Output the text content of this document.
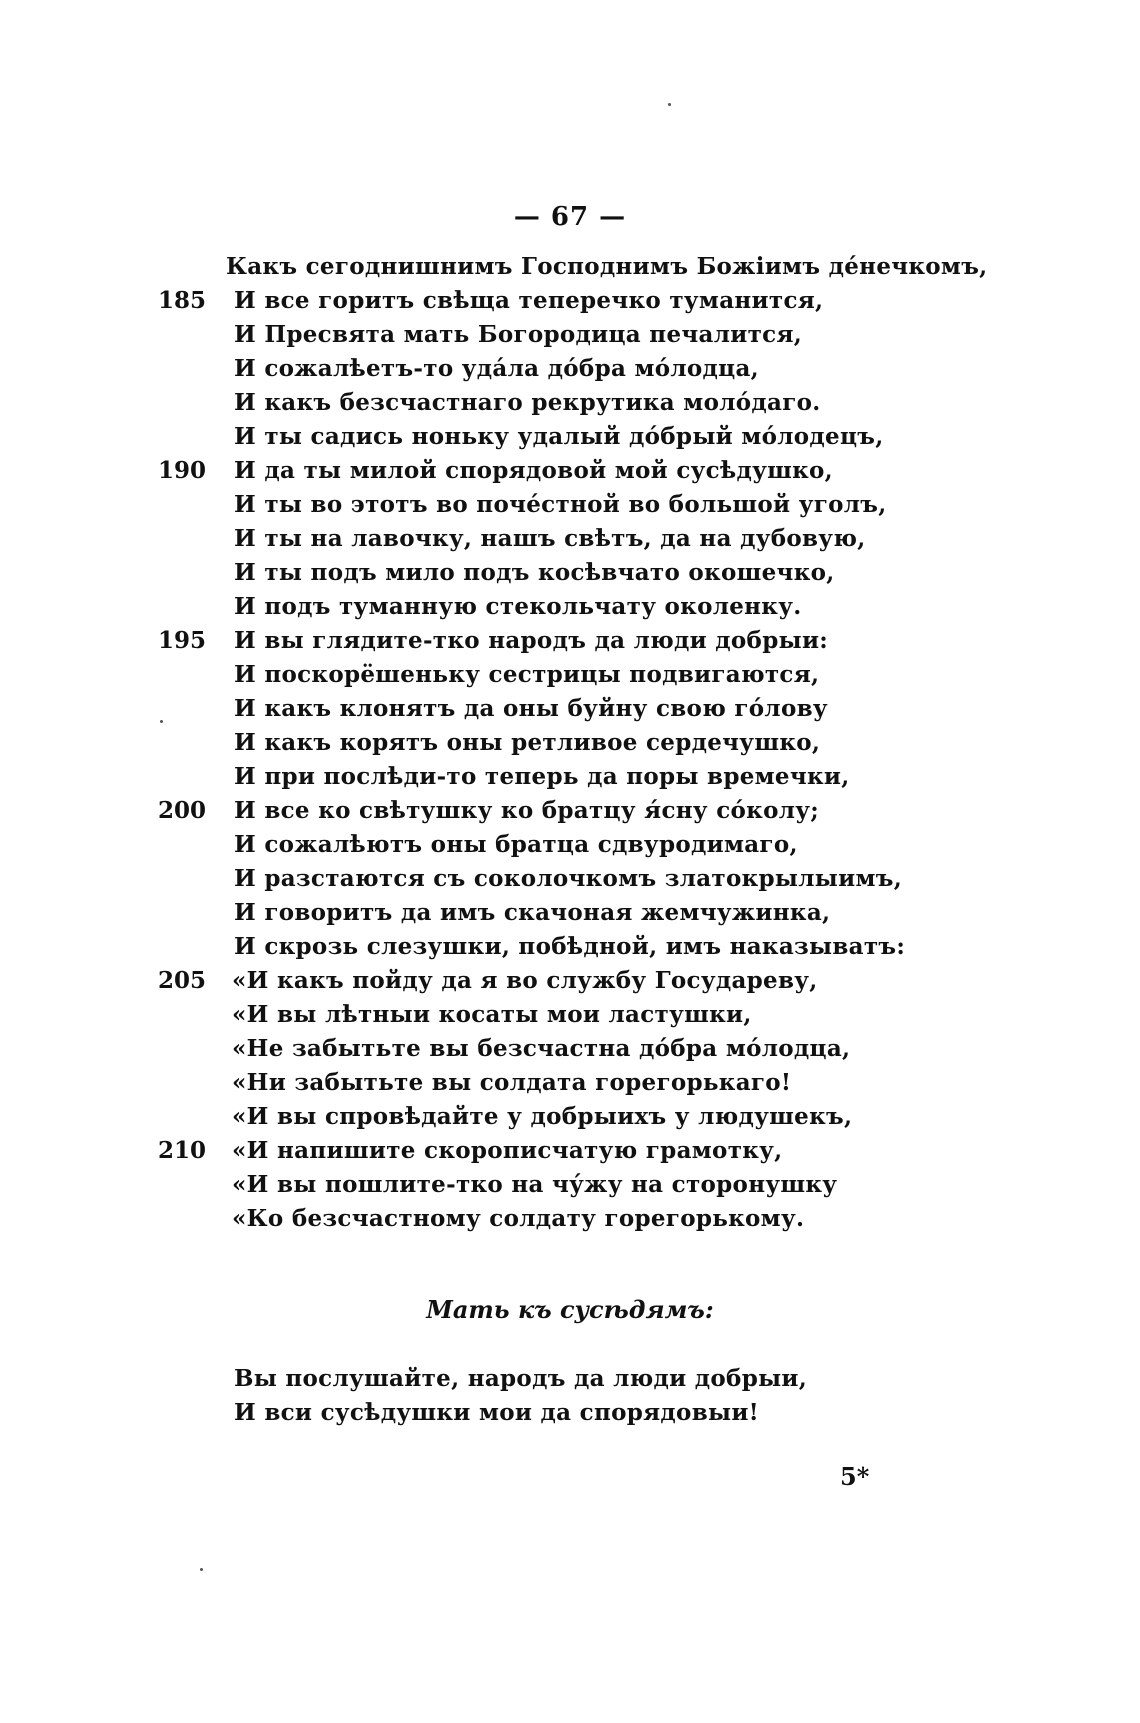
— 67 —
Какъ сегоднишнимъ Господнимъ Божіимъ де́нечкомъ,
185	И все горитъ свѣща теперечко туманится,
И Пресвята мать Богородица печалится,
И сожалѣетъ-то уда́ла до́бра мо́лодца,
И какъ безсчастнаго рекрутика моло́даго.
И ты садись ноньку удалый до́брый мо́лодецъ,
190	И да ты милой спорядовой мой сусѣдушко,
И ты во этотъ во поче́стной во большой уголъ,
И ты на лавочку, нашъ свѣтъ, да на дубовую,
И ты подъ мило подъ косѣвчато окошечко,
И подъ туманную стекольчату околенку.
195	И вы глядите-тко народъ да люди добрыи:
И поскорёшеньку сестрицы подвигаются,
И какъ клонятъ да оны буйну свою го́лову
И какъ корятъ оны ретливое сердечушко,
И при послѣди-то теперь да поры времечки,
200	И все ко свѣтушку ко братцу я́сну со́колу;
И сожалѣютъ оны братца сдвуродимаго,
И разстаются съ соколочкомъ златокрылыимъ,
И говоритъ да имъ скачоная жемчужинка,
И скрозь слезушки, побѣдной, имъ наказыватъ:
205	«И какъ пойду да я во службу Государеву,
«И вы лѣтныи косаты мои ластушки,
«Не забытьте вы безсчастна до́бра мо́лодца,
«Ни забытьте вы солдата горегорькаго!
«И вы спровѣдайте у добрыихъ у людушекъ,
210	«И напишите скорописчатую грамотку,
«И вы пошлите-тко на чу́жу на сторонушку
«Ко безсчастному солдату горегорькому.
Мать къ сусѣдямъ:
Вы послушайте, народъ да люди добрыи,
И вси сусѣдушки мои да спорядовыи!
5*
